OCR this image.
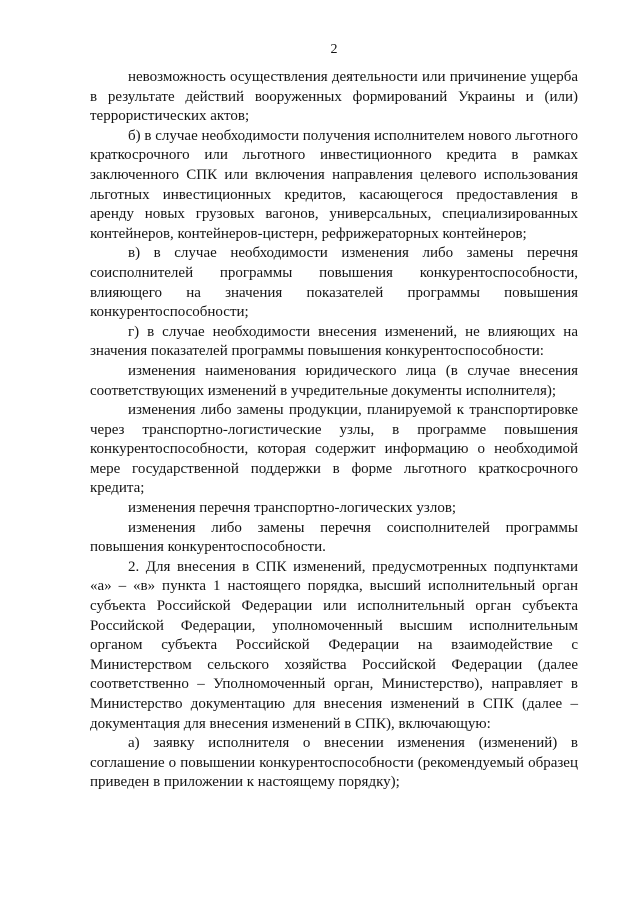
2

невозможность осуществления деятельности или причинение ущерба в результате действий вооруженных формирований Украины и (или) террористических актов;

б) в случае необходимости получения исполнителем нового льготного краткосрочного или льготного инвестиционного кредита в рамках заключенного СПК или включения направления целевого использования льготных инвестиционных кредитов, касающегося предоставления в аренду новых грузовых вагонов, универсальных, специализированных контейнеров, контейнеров-цистерн, рефрижераторных контейнеров;

в) в случае необходимости изменения либо замены перечня соисполнителей программы повышения конкурентоспособности, влияющего на значения показателей программы повышения конкурентоспособности;

г) в случае необходимости внесения изменений, не влияющих на значения показателей программы повышения конкурентоспособности:

изменения наименования юридического лица (в случае внесения соответствующих изменений в учредительные документы исполнителя);

изменения либо замены продукции, планируемой к транспортировке через транспортно-логистические узлы, в программе повышения конкурентоспособности, которая содержит информацию о необходимой мере государственной поддержки в форме льготного краткосрочного кредита;

изменения перечня транспортно-логических узлов;

изменения либо замены перечня соисполнителей программы повышения конкурентоспособности.

2. Для внесения в СПК изменений, предусмотренных подпунктами «а» – «в» пункта 1 настоящего порядка, высший исполнительный орган субъекта Российской Федерации или исполнительный орган субъекта Российской Федерации, уполномоченный высшим исполнительным органом субъекта Российской Федерации на взаимодействие с Министерством сельского хозяйства Российской Федерации (далее соответственно – Уполномоченный орган, Министерство), направляет в Министерство документацию для внесения изменений в СПК (далее – документация для внесения изменений в СПК), включающую:

а) заявку исполнителя о внесении изменения (изменений) в соглашение о повышении конкурентоспособности (рекомендуемый образец приведен в приложении к настоящему порядку);
